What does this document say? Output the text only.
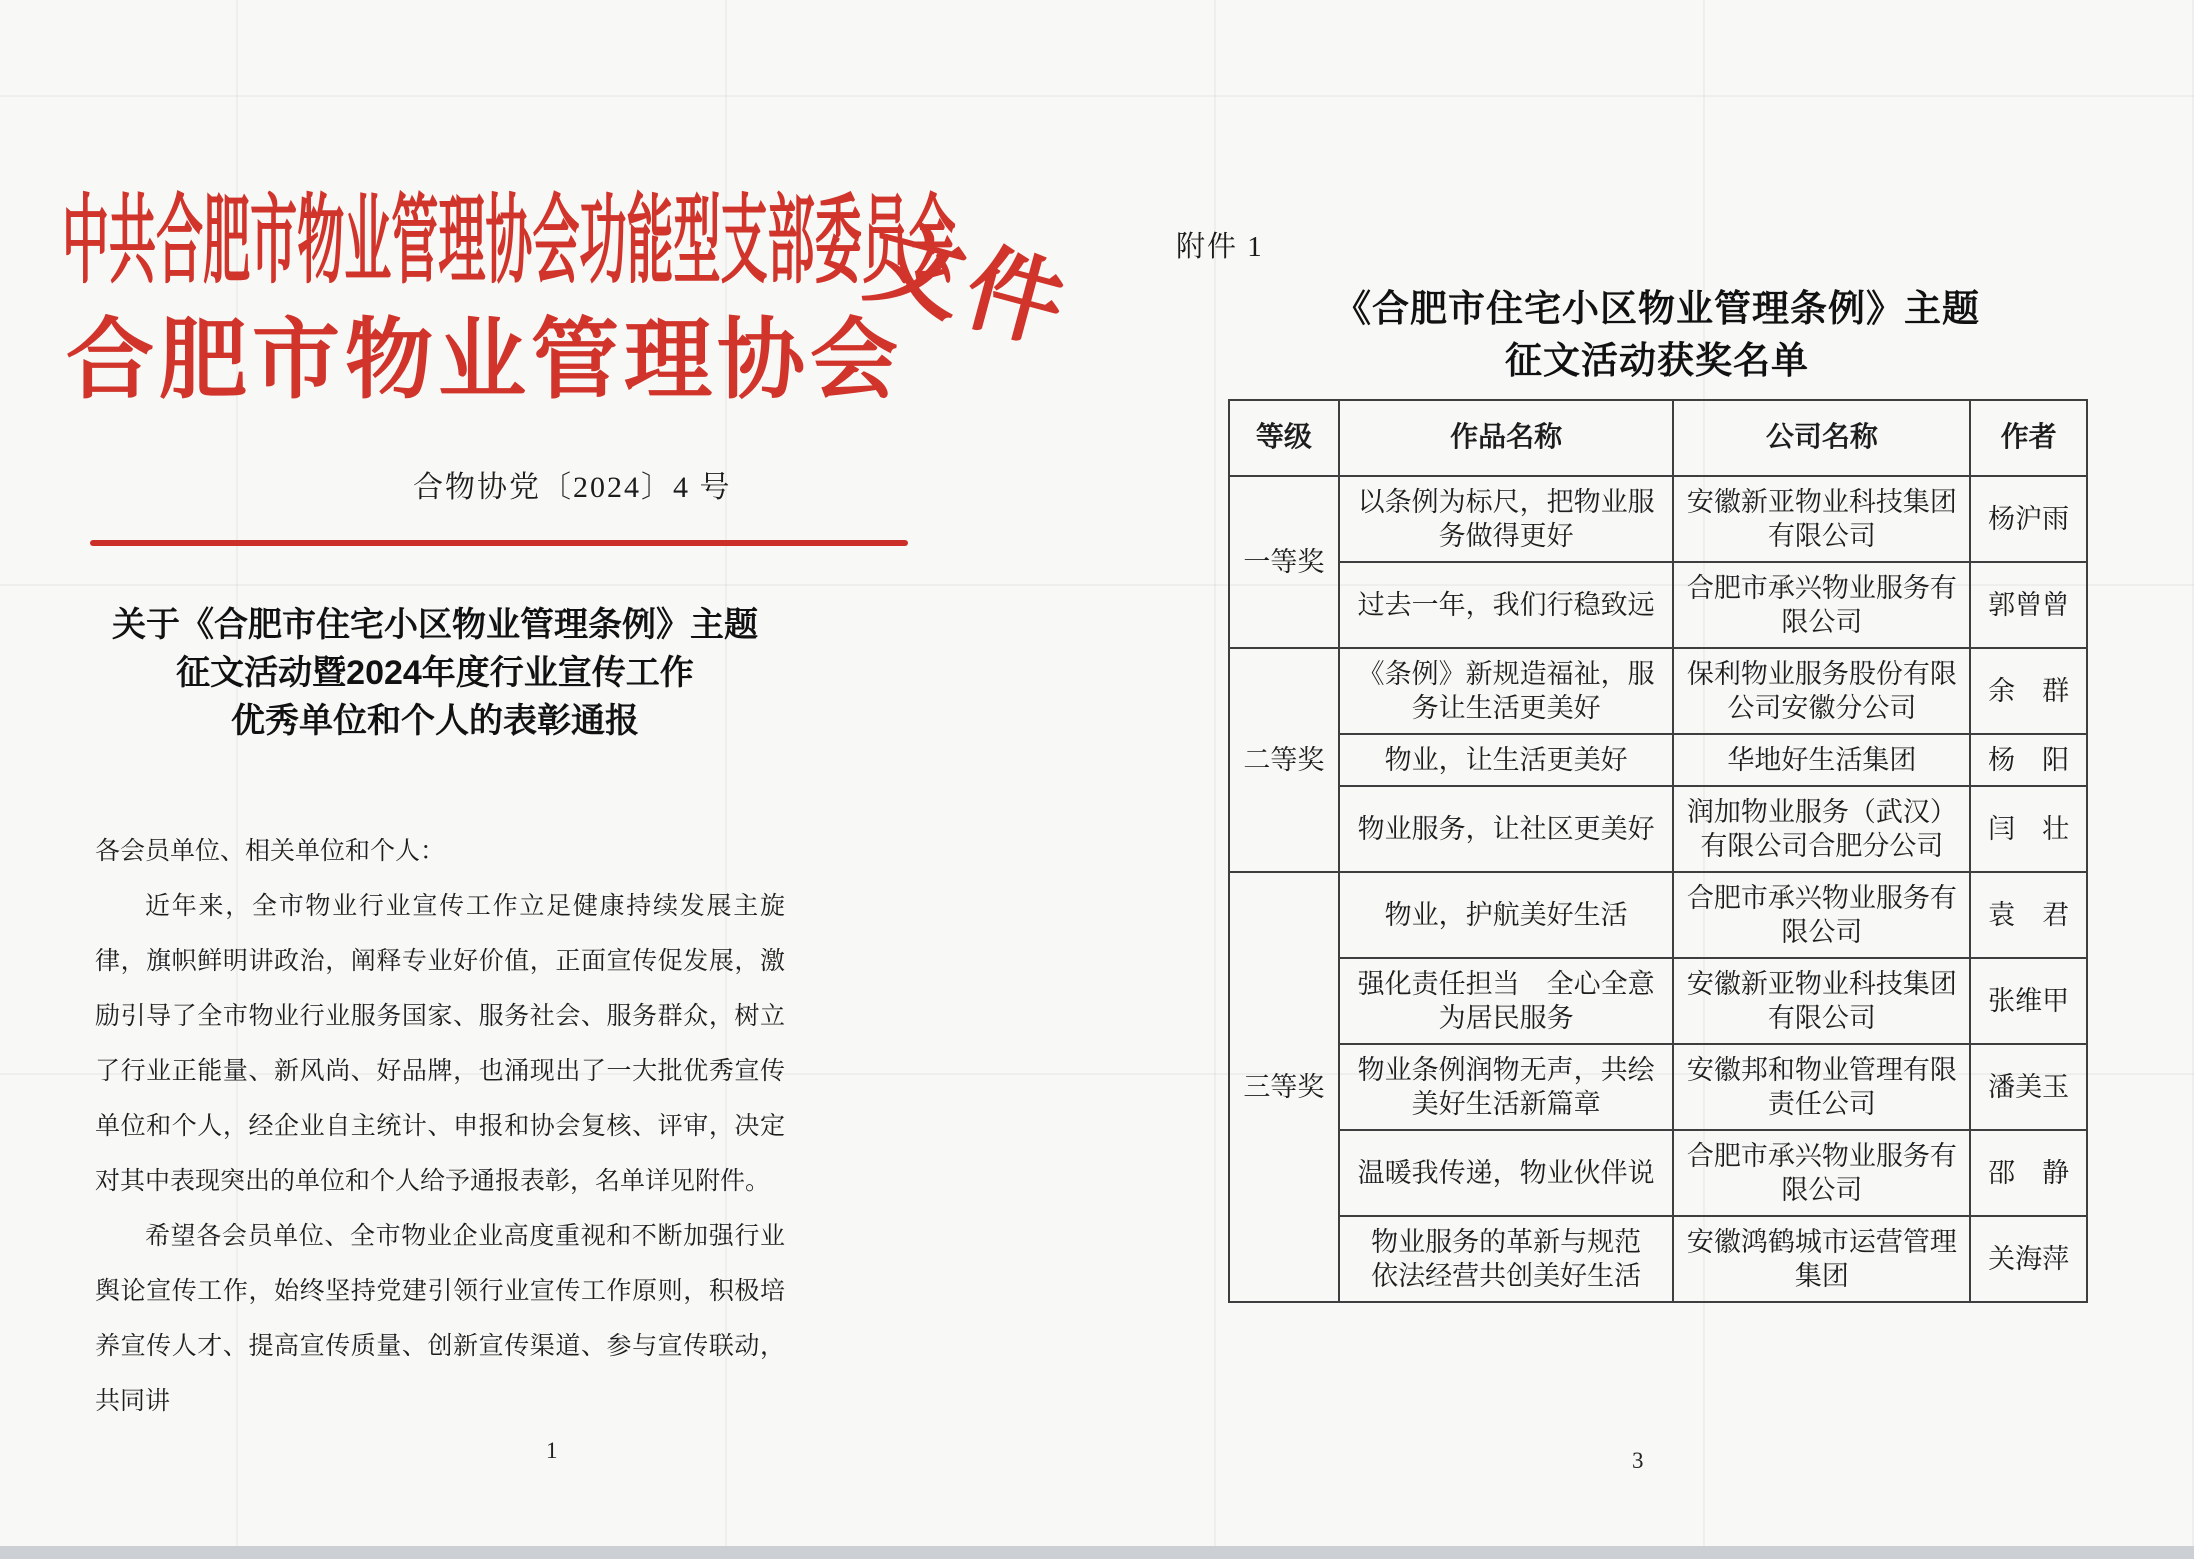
中共合肥市物业管理协会功能型支部委员会
合肥市物业管理协会
文件
合物协党〔2024〕4 号
关于《合肥市住宅小区物业管理条例》主题
征文活动暨2024年度行业宣传工作
优秀单位和个人的表彰通报

各会员单位、相关单位和个人：

近年来，全市物业行业宣传工作立足健康持续发展主旋律，旗帜鲜明讲政治，阐释专业好价值，正面宣传促发展，激励引导了全市物业行业服务国家、服务社会、服务群众，树立了行业正能量、新风尚、好品牌，也涌现出了一大批优秀宣传单位和个人，经企业自主统计、申报和协会复核、评审，决定对其中表现突出的单位和个人给予通报表彰，名单详见附件。

希望各会员单位、全市物业企业高度重视和不断加强行业舆论宣传工作，始终坚持党建引领行业宣传工作原则，积极培养宣传人才、提高宣传质量、创新宣传渠道、参与宣传联动，共同讲

1
附件 1
《合肥市住宅小区物业管理条例》主题
征文活动获奖名单
等级	作品名称	公司名称	作者
一等奖	以条例为标尺，把物业服务做得更好	安徽新亚物业科技集团有限公司	杨沪雨
	过去一年，我们行稳致远	合肥市承兴物业服务有限公司	郭曾曾
二等奖	《条例》新规造福祉，服务让生活更美好	保利物业服务股份有限公司安徽分公司	余　群
	物业，让生活更美好	华地好生活集团	杨　阳
	物业服务，让社区更美好	润加物业服务（武汉）有限公司合肥分公司	闫　壮
三等奖	物业，护航美好生活	合肥市承兴物业服务有限公司	袁　君
	强化责任担当　全心全意为居民服务	安徽新亚物业科技集团有限公司	张维甲
	物业条例润物无声，共绘美好生活新篇章	安徽邦和物业管理有限责任公司	潘美玉
	温暖我传递，物业伙伴说	合肥市承兴物业服务有限公司	邵　静
	物业服务的革新与规范　依法经营共创美好生活	安徽鸿鹤城市运营管理集团	关海萍
3
